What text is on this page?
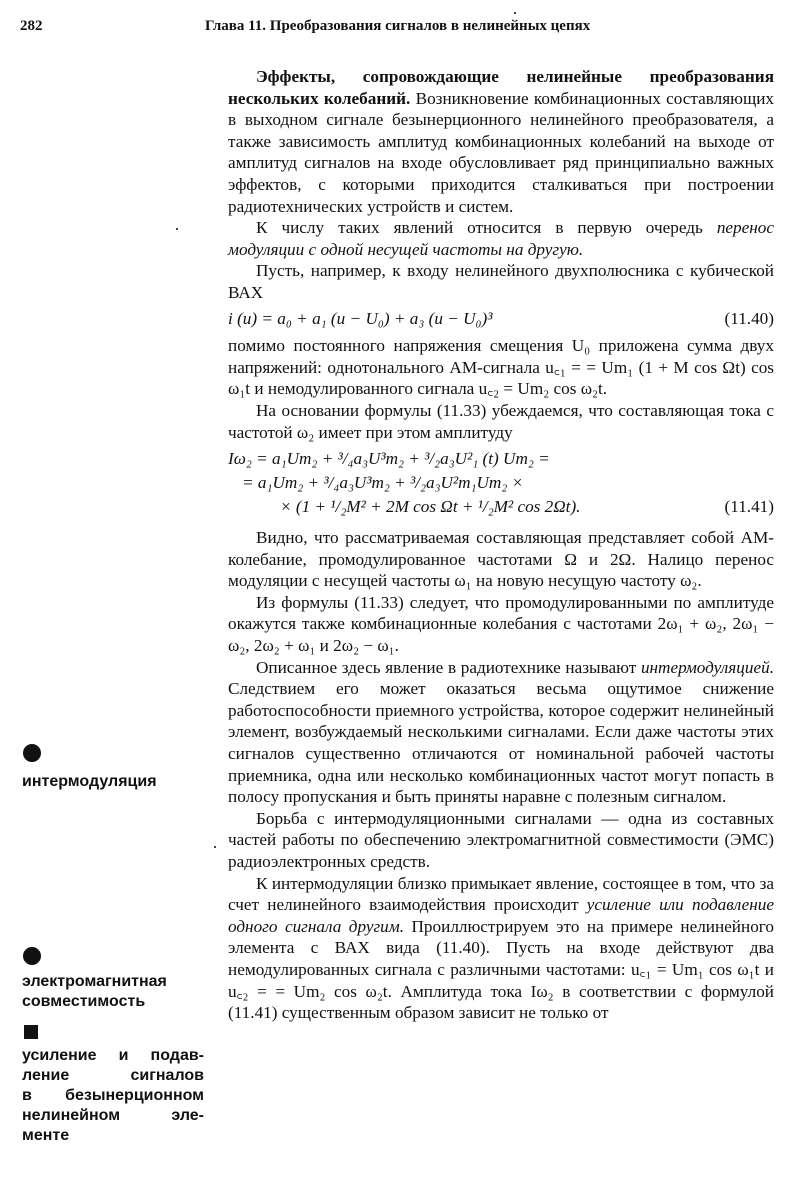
282	Глава 11. Преобразования сигналов в нелинейных цепях
интермодуляция
электромагнитная совместимость
усиление и подав-
ление сигналов
в безынерционном
нелинейном эле-
менте

Эффекты, сопровождающие нелинейные преобразования нескольких колебаний. Возникновение комбинационных составляющих в выходном сигнале безынерционного нелинейного преобразователя, а также зависимость амплитуд комбинационных колебаний на выходе от амплитуд сигналов на входе обусловливает ряд принципиально важных эффектов, с которыми приходится сталкиваться при построении радиотехнических устройств и систем.

К числу таких явлений относится в первую очередь перенос модуляции с одной несущей частоты на другую.

Пусть, например, к входу нелинейного двухполюсника с кубической ВАХ

i (u) = a₀ + a₁ (u − U₀) + a₃ (u − U₀)³	(11.40)

помимо постоянного напряжения смещения U₀ приложена сумма двух напряжений: однотонального АМ-сигнала u꜀₁ = = Um₁ (1 + M cos Ωt) cos ω₁t и немодулированного сигнала u꜀₂ = Um₂ cos ω₂t.

На основании формулы (11.33) убеждаемся, что составляющая тока с частотой ω₂ имеет при этом амплитуду

Iω₂ = a₁Um₂ + ³/₄a₃U³m₂ + ³/₂a₃U²₁ (t) Um₂ =
= a₁Um₂ + ³/₄a₃U³m₂ + ³/₂a₃U²m₁Um₂ ×
× (1 + ¹/₂M² + 2M cos Ωt + ¹/₂M² cos 2Ωt).	(11.41)

Видно, что рассматриваемая составляющая представляет собой АМ-колебание, промодулированное частотами Ω и 2Ω. Налицо перенос модуляции с несущей частоты ω₁ на новую несущую частоту ω₂.

Из формулы (11.33) следует, что промодулированными по амплитуде окажутся также комбинационные колебания с частотами 2ω₁ + ω₂, 2ω₁ − ω₂, 2ω₂ + ω₁ и 2ω₂ − ω₁.

Описанное здесь явление в радиотехнике называют интермодуляцией. Следствием его может оказаться весьма ощутимое снижение работоспособности приемного устройства, которое содержит нелинейный элемент, возбуждаемый несколькими сигналами. Если даже частоты этих сигналов существенно отличаются от номинальной рабочей частоты приемника, одна или несколько комбинационных частот могут попасть в полосу пропускания и быть приняты наравне с полезным сигналом.

Борьба с интермодуляционными сигналами — одна из составных частей работы по обеспечению электромагнитной совместимости (ЭМС) радиоэлектронных средств.

К интермодуляции близко примыкает явление, состоящее в том, что за счет нелинейного взаимодействия происходит усиление или подавление одного сигнала другим. Проиллюстрируем это на примере нелинейного элемента с ВАХ вида (11.40). Пусть на входе действуют два немодулированных сигнала с различными частотами: u꜀₁ = Um₁ cos ω₁t и u꜀₂ = = Um₂ cos ω₂t. Амплитуда тока Iω₂ в соответствии с формулой (11.41) существенным образом зависит не только от
